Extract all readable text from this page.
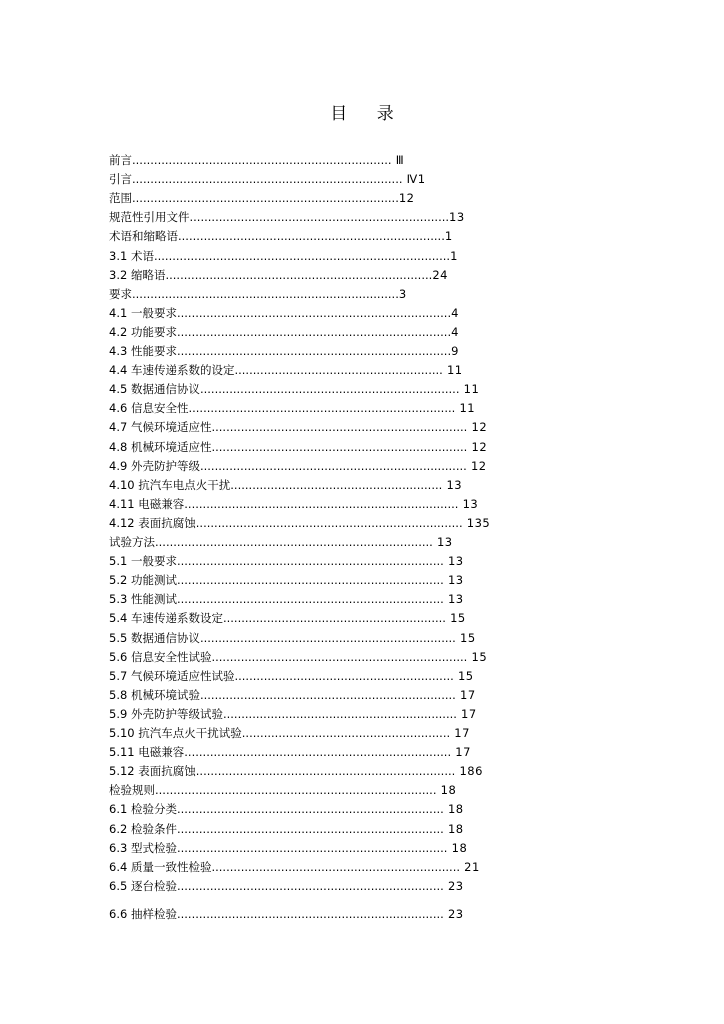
目 录
前言....................................................................... Ⅲ
引言.......................................................................... Ⅳ1
范围.........................................................................12
规范性引用文件.......................................................................13
术语和缩略语.........................................................................1
3.1 术语.................................................................................1
3.2 缩略语.........................................................................24
要求.........................................................................3
4.1 一般要求...........................................................................4
4.2 功能要求...........................................................................4
4.3 性能要求...........................................................................9
4.4 车速传递系数的设定......................................................... 11
4.5 数据通信协议....................................................................... 11
4.6 信息安全性......................................................................... 11
4.7 气候环境适应性...................................................................... 12
4.8 机械环境适应性...................................................................... 12
4.9 外壳防护等级......................................................................... 12
4.10 抗汽车电点火干扰.......................................................... 13
4.11 电磁兼容........................................................................... 13
4.12 表面抗腐蚀......................................................................... 135
试验方法............................................................................ 13
5.1 一般要求......................................................................... 13
5.2 功能测试......................................................................... 13
5.3 性能测试......................................................................... 13
5.4 车速传递系数设定............................................................. 15
5.5 数据通信协议...................................................................... 15
5.6 信息安全性试验...................................................................... 15
5.7 气候环境适应性试验............................................................ 15
5.8 机械环境试验...................................................................... 17
5.9 外壳防护等级试验................................................................ 17
5.10 抗汽车点火干扰试验......................................................... 17
5.11 电磁兼容......................................................................... 17
5.12 表面抗腐蚀....................................................................... 186
检验规则............................................................................. 18
6.1 检验分类......................................................................... 18
6.2 检验条件......................................................................... 18
6.3 型式检验.......................................................................... 18
6.4 质量一致性检验.................................................................... 21
6.5 逐台检验......................................................................... 23
6.6 抽样检验......................................................................... 23
